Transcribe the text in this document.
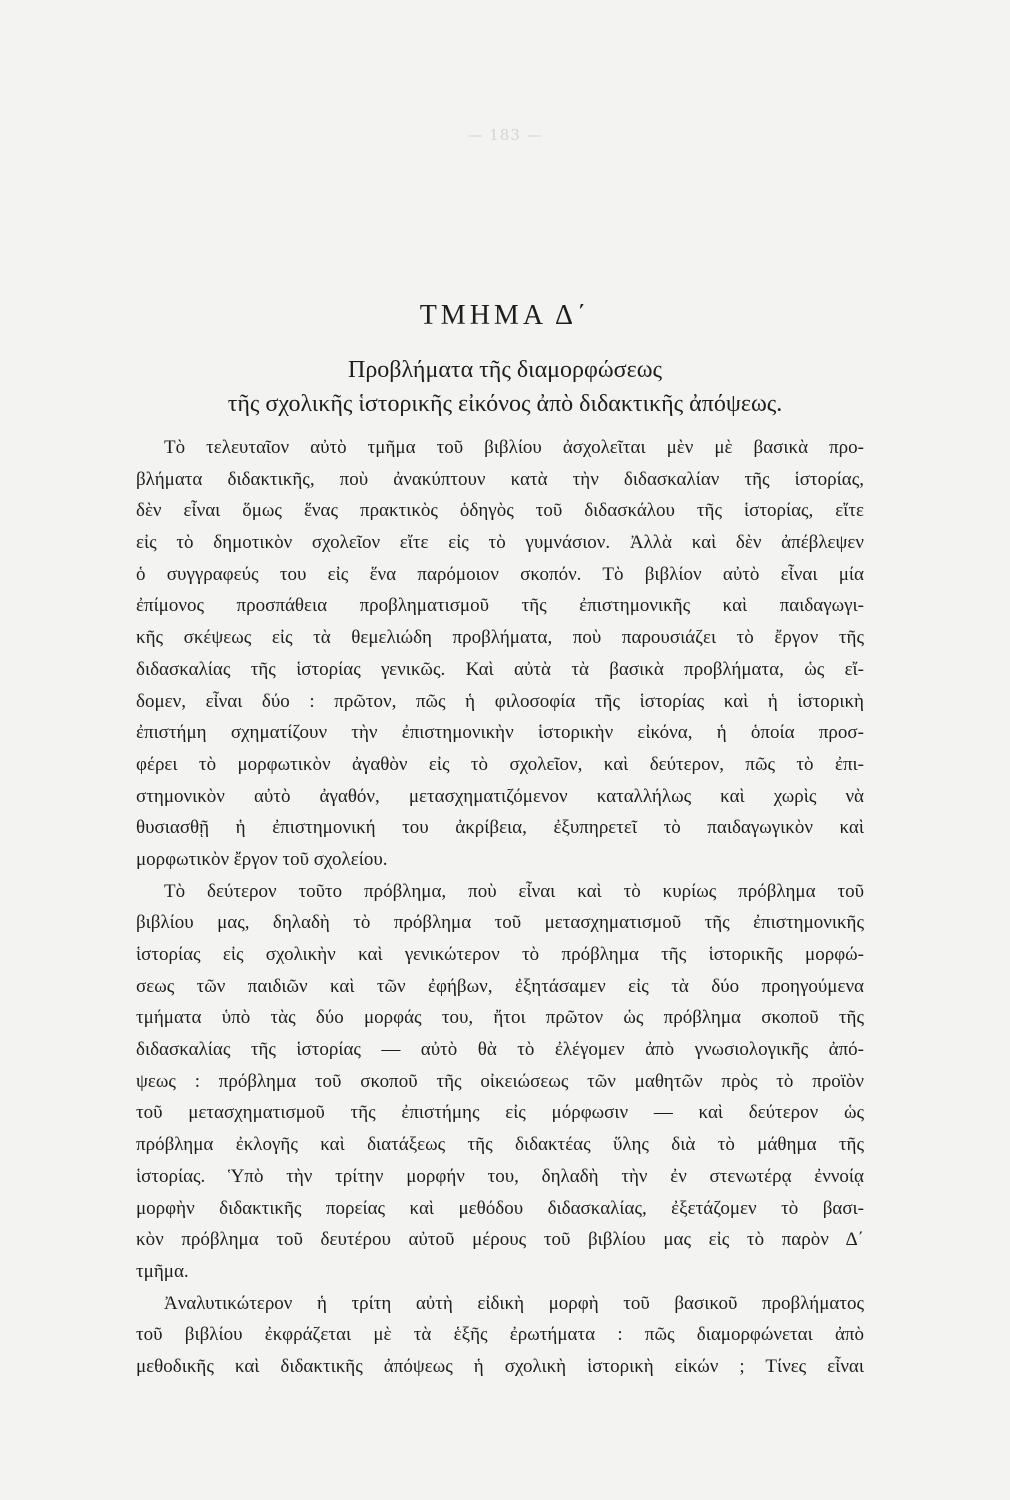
— 183 —
ΤΜΗΜΑ Δ΄
Προβλήματα τῆς διαμορφώσεως
τῆς σχολικῆς ἱστορικῆς εἰκόνος ἀπὸ διδακτικῆς ἀπόψεως.
Τὸ τελευταῖον αὐτὸ τμῆμα τοῦ βιβλίου ἀσχολεῖται μὲν μὲ βασικὰ προ-
βλήματα διδακτικῆς, ποὺ ἀνακύπτουν κατὰ τὴν διδασκαλίαν τῆς ἱστορίας,
δὲν εἶναι ὅμως ἕνας πρακτικὸς ὁδηγὸς τοῦ διδασκάλου τῆς ἱστορίας, εἴτε
εἰς τὸ δημοτικὸν σχολεῖον εἴτε εἰς τὸ γυμνάσιον. Ἀλλὰ καὶ δὲν ἀπέβλεψεν
ὁ συγγραφεύς του εἰς ἕνα παρόμοιον σκοπόν. Τὸ βιβλίον αὐτὸ εἶναι μία
ἐπίμονος προσπάθεια προβληματισμοῦ τῆς ἐπιστημονικῆς καὶ παιδαγωγι-
κῆς σκέψεως εἰς τὰ θεμελιώδη προβλήματα, ποὺ παρουσιάζει τὸ ἔργον τῆς
διδασκαλίας τῆς ἱστορίας γενικῶς. Καὶ αὐτὰ τὰ βασικὰ προβλήματα, ὡς εἴ-
δομεν, εἶναι δύο : πρῶτον, πῶς ἡ φιλοσοφία τῆς ἱστορίας καὶ ἡ ἱστορικὴ
ἐπιστήμη σχηματίζουν τὴν ἐπιστημονικὴν ἱστορικὴν εἰκόνα, ἡ ὁποία προσ-
φέρει τὸ μορφωτικὸν ἀγαθὸν εἰς τὸ σχολεῖον, καὶ δεύτερον, πῶς τὸ ἐπι-
στημονικὸν αὐτὸ ἀγαθόν, μετασχηματιζόμενον καταλλήλως καὶ χωρὶς νὰ
θυσιασθῇ ἡ ἐπιστημονική του ἀκρίβεια, ἐξυπηρετεῖ τὸ παιδαγωγικὸν καὶ
μορφωτικὸν ἔργον τοῦ σχολείου.
Τὸ δεύτερον τοῦτο πρόβλημα, ποὺ εἶναι καὶ τὸ κυρίως πρόβλημα τοῦ
βιβλίου μας, δηλαδὴ τὸ πρόβλημα τοῦ μετασχηματισμοῦ τῆς ἐπιστημονικῆς
ἱστορίας εἰς σχολικὴν καὶ γενικώτερον τὸ πρόβλημα τῆς ἱστορικῆς μορφώ-
σεως τῶν παιδιῶν καὶ τῶν ἐφήβων, ἐξητάσαμεν εἰς τὰ δύο προηγούμενα
τμήματα ὑπὸ τὰς δύο μορφάς του, ἤτοι πρῶτον ὡς πρόβλημα σκοποῦ τῆς
διδασκαλίας τῆς ἱστορίας — αὐτὸ θὰ τὸ ἐλέγομεν ἀπὸ γνωσιολογικῆς ἀπό-
ψεως : πρόβλημα τοῦ σκοποῦ τῆς οἰκειώσεως τῶν μαθητῶν πρὸς τὸ προϊὸν
τοῦ μετασχηματισμοῦ τῆς ἐπιστήμης εἰς μόρφωσιν — καὶ δεύτερον ὡς
πρόβλημα ἐκλογῆς καὶ διατάξεως τῆς διδακτέας ὕλης διὰ τὸ μάθημα τῆς
ἱστορίας. Ὑπὸ τὴν τρίτην μορφήν του, δηλαδὴ τὴν ἐν στενωτέρᾳ ἐννοίᾳ
μορφὴν διδακτικῆς πορείας καὶ μεθόδου διδασκαλίας, ἐξετάζομεν τὸ βασι-
κὸν πρόβλημα τοῦ δευτέρου αὐτοῦ μέρους τοῦ βιβλίου μας εἰς τὸ παρὸν Δ΄
τμῆμα.
Ἀναλυτικώτερον ἡ τρίτη αὐτὴ εἰδικὴ μορφὴ τοῦ βασικοῦ προβλήματος
τοῦ βιβλίου ἐκφράζεται μὲ τὰ ἑξῆς ἐρωτήματα : πῶς διαμορφώνεται ἀπὸ
μεθοδικῆς καὶ διδακτικῆς ἀπόψεως ἡ σχολικὴ ἱστορικὴ εἰκών ; Τίνες εἶναι
